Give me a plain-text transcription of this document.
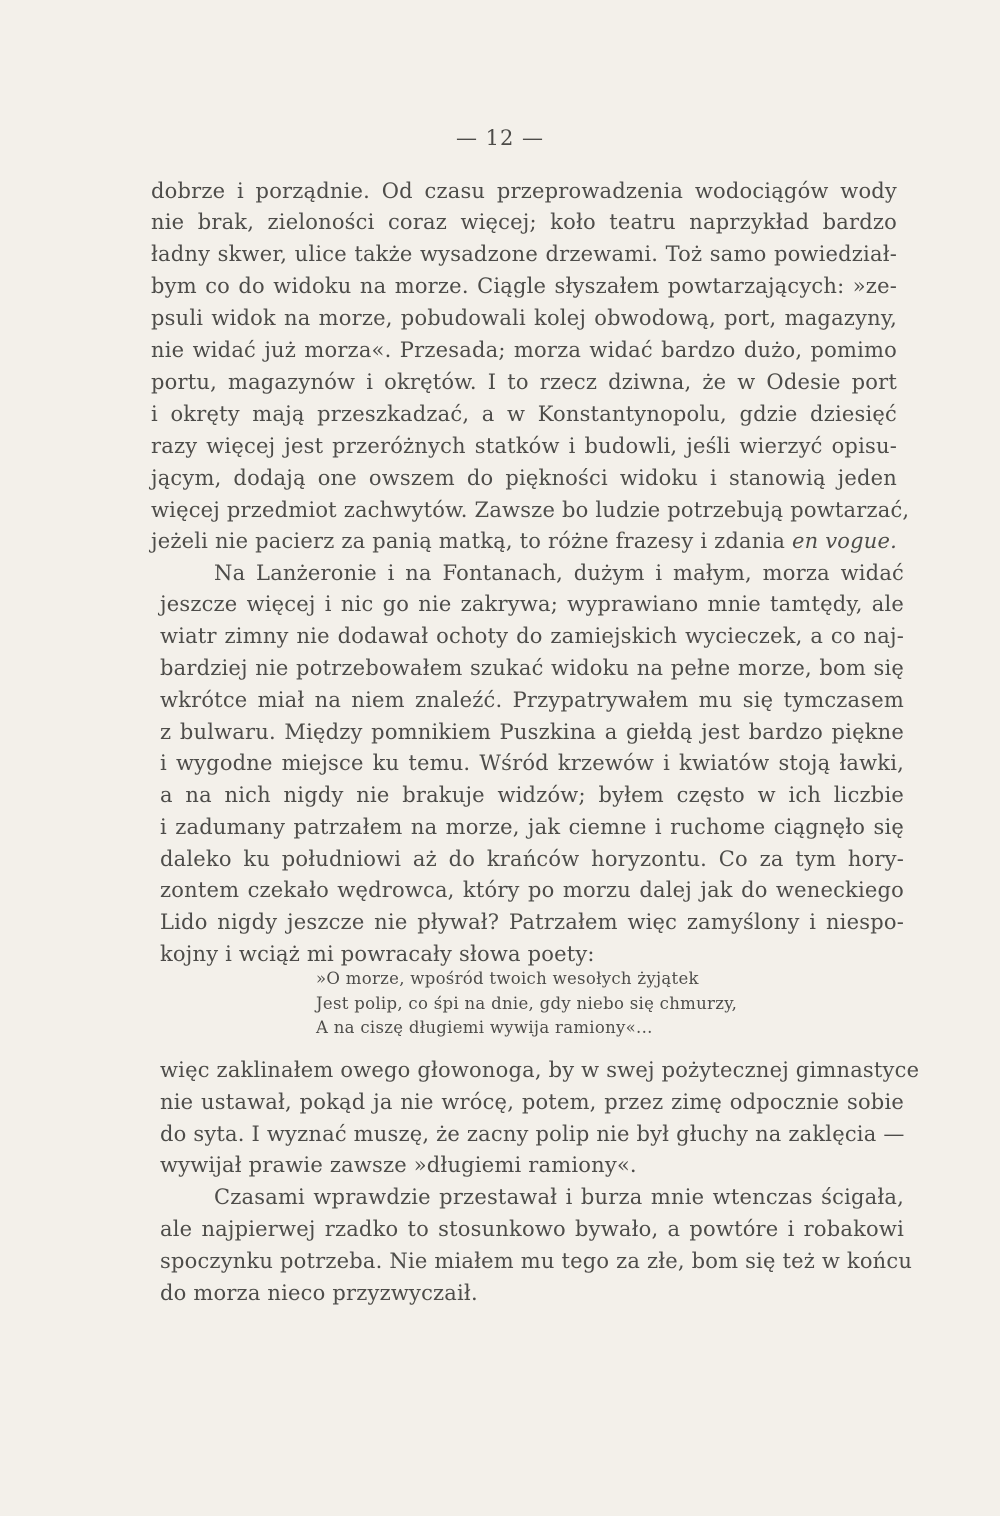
— 12 —
dobrze i porządnie. Od czasu przeprowadzenia wodociągów wody
nie brak, zieloności coraz więcej; koło teatru naprzykład bardzo
ładny skwer, ulice także wysadzone drzewami. Toż samo powiedział-
bym co do widoku na morze. Ciągle słyszałem powtarzających: »ze-
psuli widok na morze, pobudowali kolej obwodową, port, magazyny,
nie widać już morza«. Przesada; morza widać bardzo dużo, pomimo
portu, magazynów i okrętów. I to rzecz dziwna, że w Odesie port
i okręty mają przeszkadzać, a w Konstantynopolu, gdzie dziesięć
razy więcej jest przeróżnych statków i budowli, jeśli wierzyć opisu-
jącym, dodają one owszem do piękności widoku i stanowią jeden
więcej przedmiot zachwytów. Zawsze bo ludzie potrzebują powtarzać,
jeżeli nie pacierz za panią matką, to różne frazesy i zdania en vogue.
Na Lanżeronie i na Fontanach, dużym i małym, morza widać
jeszcze więcej i nic go nie zakrywa; wyprawiano mnie tamtędy, ale
wiatr zimny nie dodawał ochoty do zamiejskich wycieczek, a co naj-
bardziej nie potrzebowałem szukać widoku na pełne morze, bom się
wkrótce miał na niem znaleźć. Przypatrywałem mu się tymczasem
z bulwaru. Między pomnikiem Puszkina a giełdą jest bardzo piękne
i wygodne miejsce ku temu. Wśród krzewów i kwiatów stoją ławki,
a na nich nigdy nie brakuje widzów; byłem często w ich liczbie
i zadumany patrzałem na morze, jak ciemne i ruchome ciągnęło się
daleko ku południowi aż do krańców horyzontu. Co za tym hory-
zontem czekało wędrowca, który po morzu dalej jak do weneckiego
Lido nigdy jeszcze nie pływał? Patrzałem więc zamyślony i niespo-
kojny i wciąż mi powracały słowa poety:
»O morze, wpośród twoich wesołych żyjątek
Jest polip, co śpi na dnie, gdy niebo się chmurzy,
A na ciszę długiemi wywija ramiony«...
więc zaklinałem owego głowonoga, by w swej pożytecznej gimnastyce
nie ustawał, pokąd ja nie wrócę, potem, przez zimę odpocznie sobie
do syta. I wyznać muszę, że zacny polip nie był głuchy na zaklęcia —
wywijał prawie zawsze »długiemi ramiony«.
Czasami wprawdzie przestawał i burza mnie wtenczas ścigała,
ale najpierwej rzadko to stosunkowo bywało, a powtóre i robakowi
spoczynku potrzeba. Nie miałem mu tego za złe, bom się też w końcu
do morza nieco przyzwyczaił.
